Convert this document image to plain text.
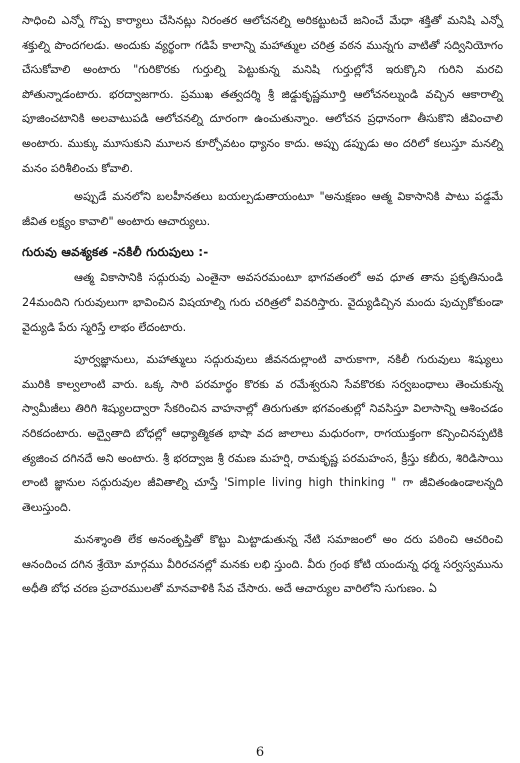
సాధించి ఎన్నో గొప్ప కార్యాలు చేసినట్లు నిరంతర ఆలోచనల్ని అరికట్టుటచే జనించే మేధా శక్తితో మనిషి ఎన్నో శక్తుల్ని పొందగలడు. అందుకు వ్యర్థంగా గడిపే కాలాన్ని మహాత్ముల చరిత్ర వఠన మున్నగు వాటితో సద్వినియోగం చేసుకోవాలి అంటారు "గురికొరకు గుర్తుల్ని పెట్టుకున్న మనిషి గుర్తుల్లోనే ఇరుక్కొని గురిని మరచి పోతున్నాడంటారు. భరద్వాజగారు. ప్రముఖ తత్వదర్శి శ్రీ జిడ్డుకృష్ణమూర్తి ఆలోచనల్నుండి వచ్చిన ఆకారాల్ని పూజించటానికి అలవాటుపడి ఆలోచనల్ని దూరంగా ఉంచుతున్నాం. ఆలోచన ప్రధానంగా తీసుకొని జీవించాలి అంటారు. ముక్కు మూసుకుని మూలన కూర్చోవటం ధ్యానం కాదు. అప్పు డప్పుడు అం దరిలో కలుస్తూ మనల్ని మనం పరిశీలించు కోవాలి.

అప్పుడే మనలోని బలహీనతలు బయల్పడుతాయంటూ "అనుక్షణం ఆత్మ వికాసానికి పాటు పడ్డమే జీవిత లక్ష్యం కావాలి" అంటారు ఆచార్యులు.

గురువు ఆవశ్యకత -నకిలీ గురుపులు :-

ఆత్మ వికాసానికి సద్గురువు ఎంతైనా అవసరమంటూ భాగవతంలో అవ ధూత తాను ప్రకృతినుండి 24మందిని గురువులుగా భావించిన విషయాల్ని గురు చరిత్రలో వివరిస్తారు. వైద్యుడిచ్చిన మందు పుచ్చుకోకుండా వైద్యుడి పేరు స్మరిస్తే లాభం లేదంటారు.

పూర్వజ్ఞానులు, మహాత్ములు సద్గురువులు జీవనదుల్లాంటి వారుకాగా, నకిలీ గురువులు శిష్యులు మురికి కాల్వలాంటి వారు. ఒక్క సారి పరమార్థం కొరకు వ రమేశ్వరుని సేవకొరకు సర్వబంధాలు తెంచుకున్న స్వామీజీలు తిరిగి శిష్యులద్వారా సేకరించిన వాహనాల్లో తిరుగుతూ భగవంతుల్లో నివసిస్తూ విలాసాన్ని ఆశించడం నరికదంటారు. అద్వైతాది బోధల్లో ఆధ్యాత్మికత భాషా వద జాలాలు మధురంగా, రాగయుక్తంగా కన్పించినప్పటికి త్యజించ దగినదే అని అంటారు. శ్రీ భరద్వాజ శ్రీ రమణ మహర్షి, రామకృష్ణ పరమహంస, క్రీస్తు కబీరు, శిరిడిసాయి లాంటి జ్ఞానుల సద్గురువుల జీవితాల్ని చూస్తే 'Simple living high thinking " గా జీవితంఉండాలన్నది తెలుస్తుంది.

మనశ్శాంతి లేక అనంతృప్తితో కొట్టు మిట్టాడుతున్న నేటి సమాజంలో అం దరు పఠించి ఆచరించి ఆనందించ దగిన శ్రేయో మార్గము వీరిరచనల్లో మనకు లభి స్తుంది. వీరు గ్రంథ కోటి యందున్న ధర్మ సర్వస్వమును అధీతి బోధ చరణ ప్రచారములతో మానవాళికి సేవ చేసారు. అదే ఆచార్యుల వారిలోని సుగుణం. ఏ

6
